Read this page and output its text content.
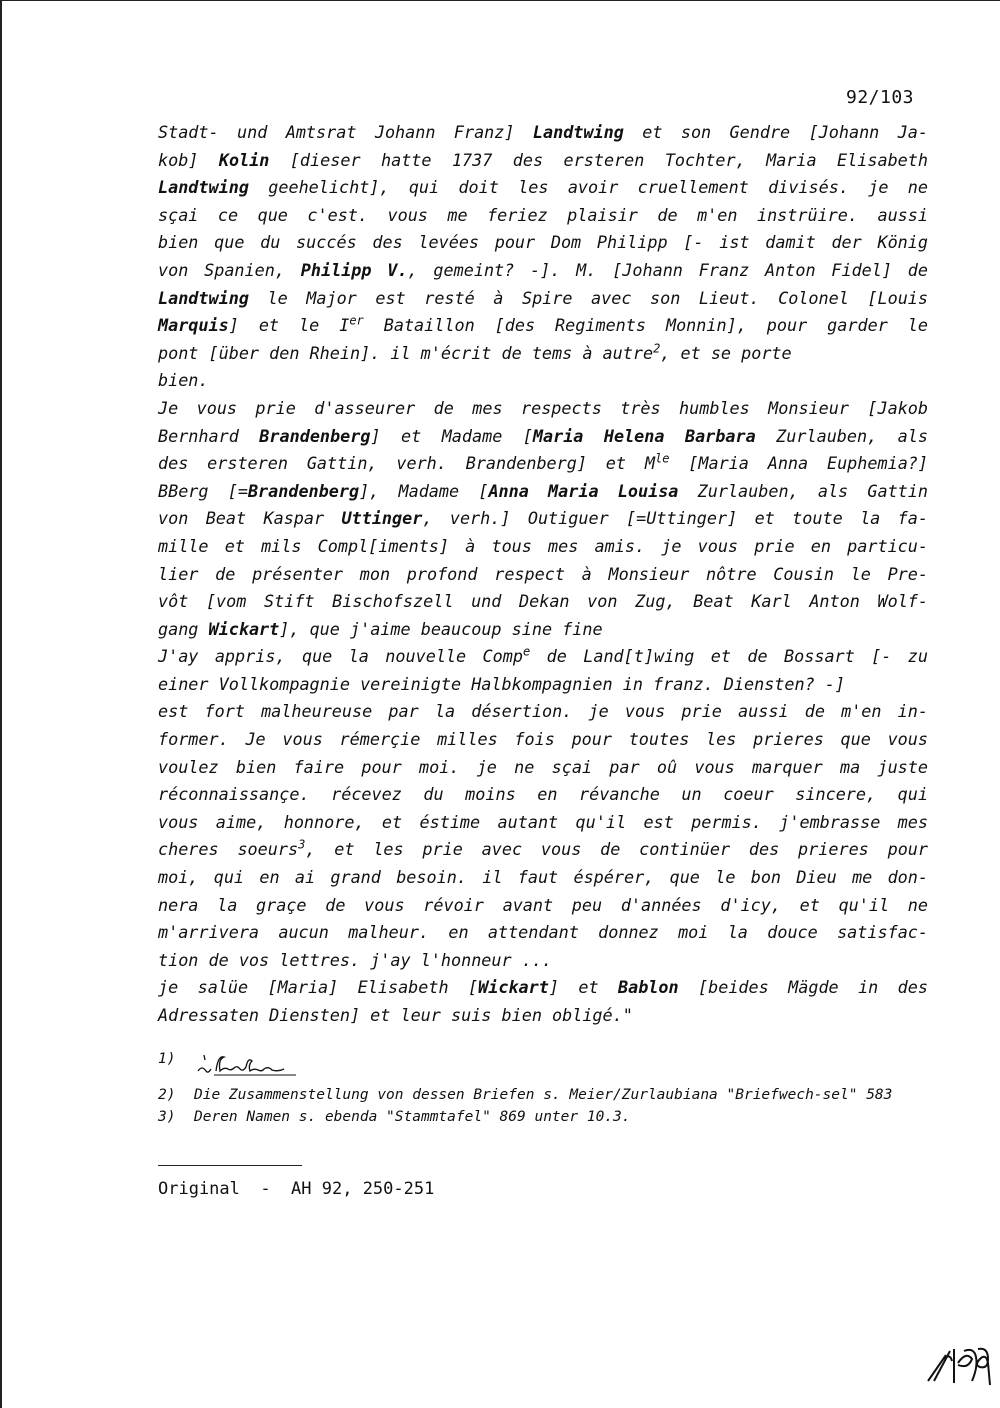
92/103
Stadt- und Amtsrat Johann Franz] Landtwing et son Gendre [Johann Ja-
kob] Kolin [dieser hatte 1737 des ersteren Tochter, Maria Elisabeth
Landtwing geehelicht], qui doit les avoir cruellement divisés. je ne
sçai ce que c'est. vous me feriez plaisir de m'en instrüire. aussi
bien que du succés des levées pour Dom Philipp [- ist damit der König
von Spanien, Philipp V., gemeint? -]. M. [Johann Franz Anton Fidel] de
Landtwing le Major est resté à Spire avec son Lieut. Colonel [Louis
Marquis] et le Ier Bataillon [des Regiments Monnin], pour garder le
pont [über den Rhein]. il m'écrit de tems à autre$^2$, et se porte
bien.
Je vous prie d'asseurer de mes respects très humbles Monsieur [Jakob
Bernhard Brandenberg] et Madame [Maria Helena Barbara Zurlauben, als
des ersteren Gattin, verh. Brandenberg] et $M^{le}$ [Maria Anna Euphemia?]
BBerg [=Brandenberg], Madame [Anna Maria Louisa Zurlauben, als Gattin
von Beat Kaspar Uttinger, verh.] Outiguer [=Uttinger] et toute la fa-
mille et mils Compl[iments] à tous mes amis. je vous prie en particu-
lier de présenter mon profond respect à Monsieur nôtre Cousin le Pre-
vôt [vom Stift Bischofszell und Dekan von Zug, Beat Karl Anton Wolf-
gang Wickart], que j'aime beaucoup sine fine
J'ay appris, que la nouvelle Comp$^e$ de Land[t]wing et de Bossart [- zu
einer Vollkompagnie vereinigte Halbkompagnien in franz. Diensten? -]
est fort malheureuse par la désertion. je vous prie aussi de m'en in-
former. Je vous rémerçie milles fois pour toutes les prieres que vous
voulez bien faire pour moi. je ne sçai par oû vous marquer ma juste
réconnaissançe. récevez du moins en révanche un coeur sincere, qui
vous aime, honnore, et éstime autant qu'il est permis. j'embrasse mes
cheres soeurs$^3$, et les prie avec vous de continüer des prieres pour
moi, qui en ai grand besoin. il faut éspérer, que le bon Dieu me don-
nera la graçe de vous révoir avant peu d'années d'icy, et qu'il ne
m'arrivera aucun malheur. en attendant donnez moi la douce satisfac-
tion de vos lettres. j'ay l'honneur ...
je salüe [Maria] Elisabeth [Wickart] et Bablon [beides Mägde in des
Adressaten Diensten] et leur suis bien obligé."
1)
2)	Die Zusammenstellung von dessen Briefen s. Meier/Zurlaubiana "Briefwech-sel" 583
3)	Deren Namen s. ebenda "Stammtafel" 869 unter 10.3.
Original  -  AH 92, 250-251
